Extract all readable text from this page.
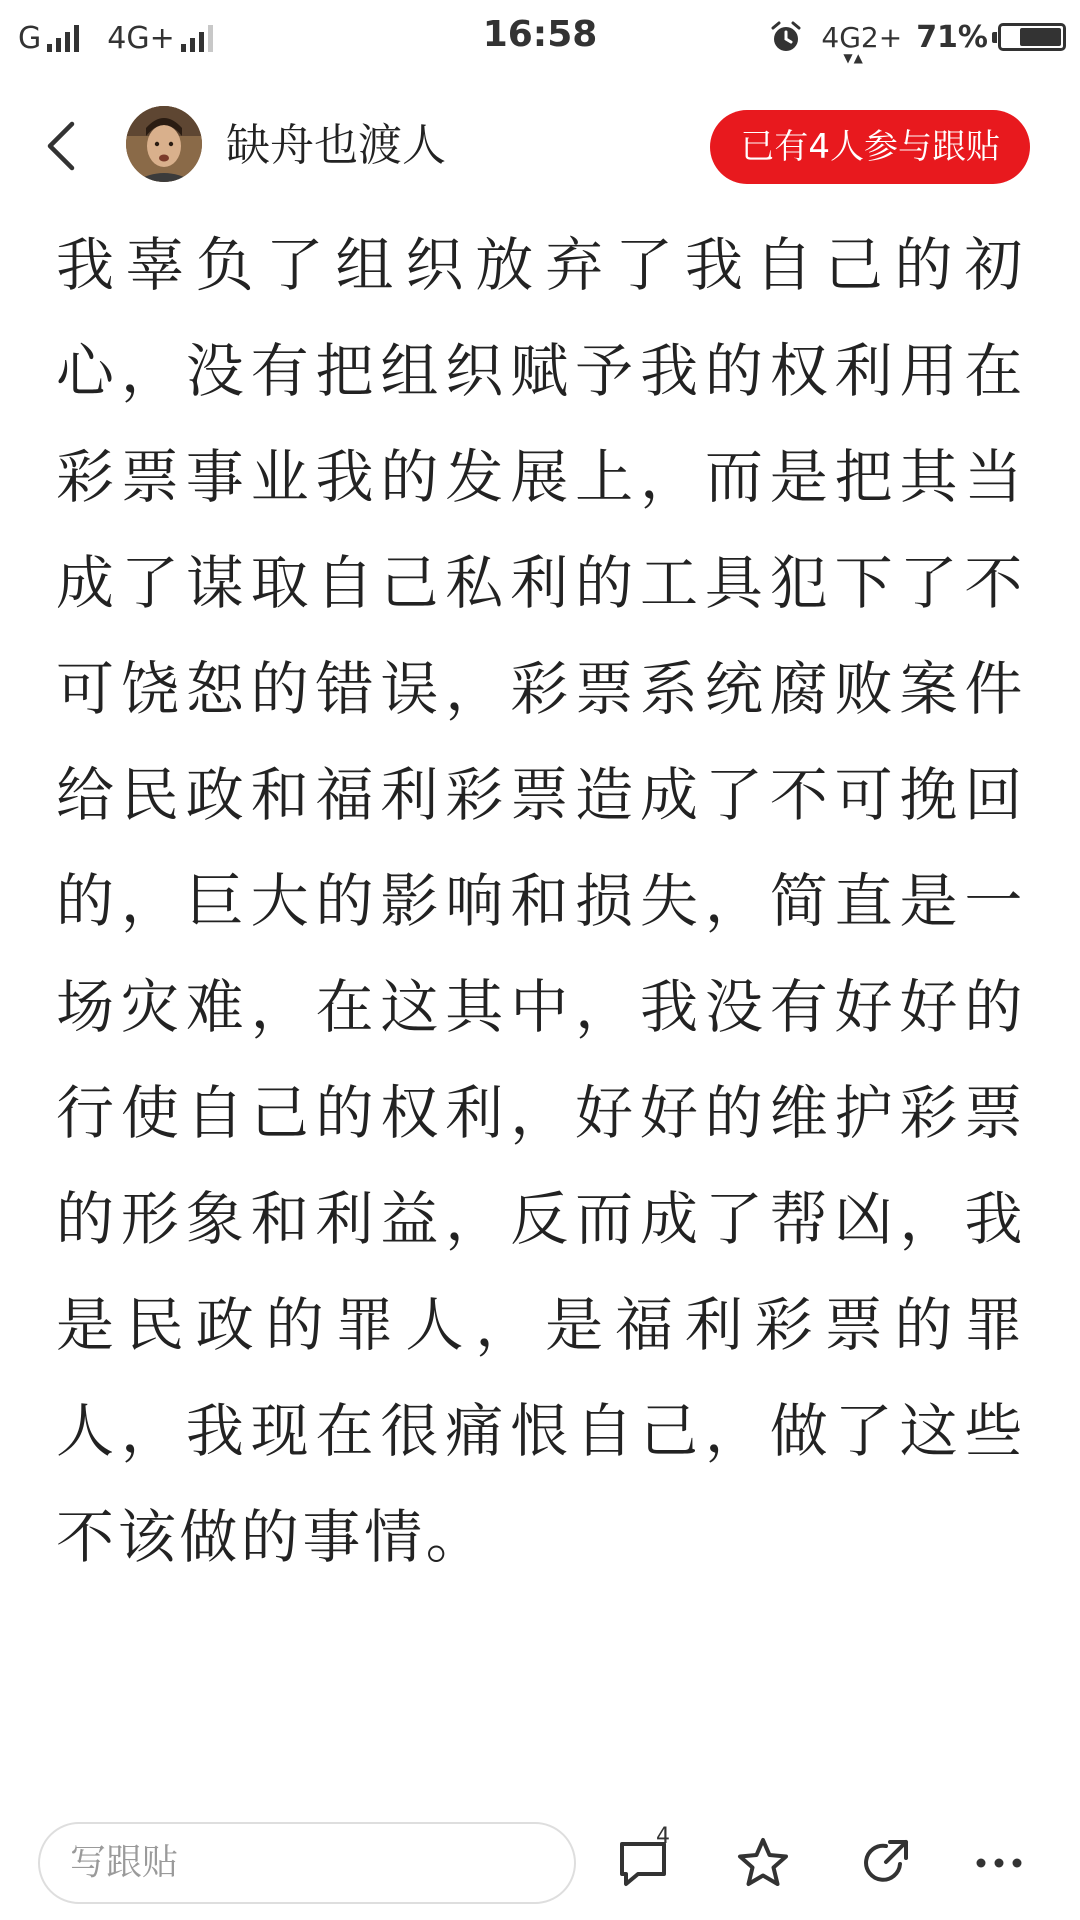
G 4G+	16:58	4G2+
▼▲
71%
缺舟也渡人	已有4人参与跟贴

我辜负了组织放弃了我自己的初心，没有把组织赋予我的权利用在彩票事业我的发展上，而是把其当成了谋取自己私利的工具犯下了不可饶恕的错误，彩票系统腐败案件给民政和福利彩票造成了不可挽回的，巨大的影响和损失，简直是一场灾难，在这其中，我没有好好的行使自己的权利，好好的维护彩票的形象和利益，反而成了帮凶，我是民政的罪人，是福利彩票的罪人，我现在很痛恨自己，做了这些不该做的事情。

写跟贴
4
